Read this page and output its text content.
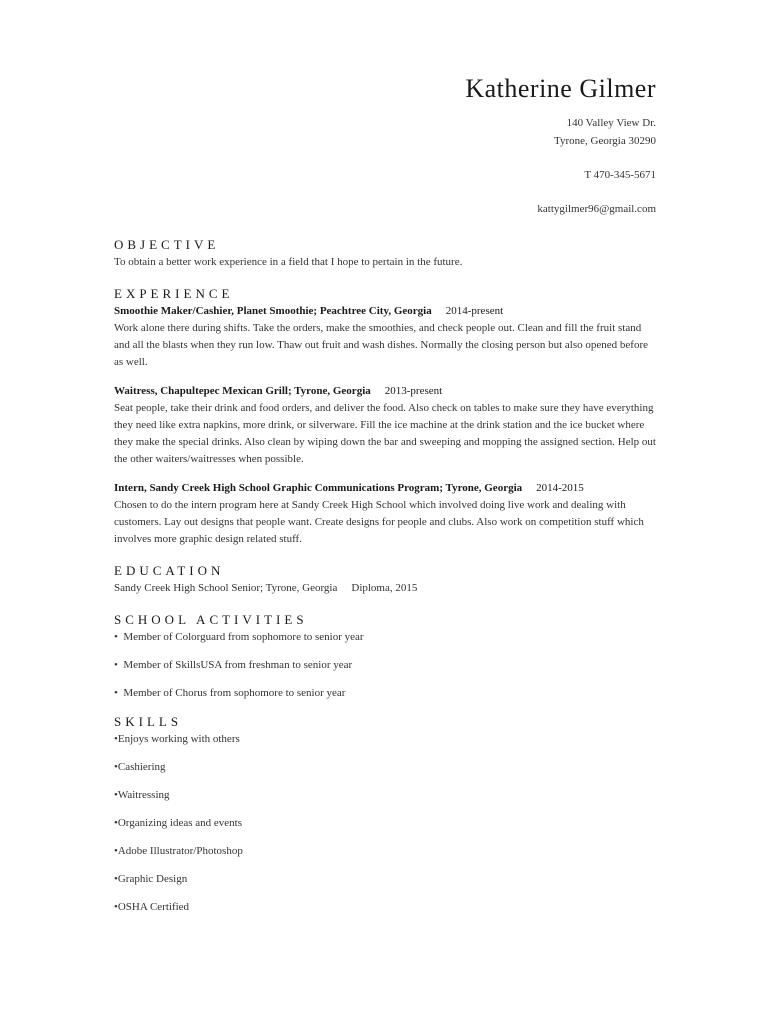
Katherine Gilmer
140 Valley View Dr.
Tyrone, Georgia 30290
T 470-345-5671
kattygilmer96@gmail.com
OBJECTIVE

To obtain a better work experience in a field that I hope to pertain in the future.

EXPERIENCE
Smoothie Maker/Cashier, Planet Smoothie; Peachtree City, Georgia 2014-present

Work alone there during shifts. Take the orders, make the smoothies, and check people out. Clean and fill the fruit stand and all the blasts when they run low. Thaw out fruit and wash dishes. Normally the closing person but also opened before as well.

Waitress, Chapultepec Mexican Grill; Tyrone, Georgia 2013-present

Seat people, take their drink and food orders, and deliver the food. Also check on tables to make sure they have everything they need like extra napkins, more drink, or silverware. Fill the ice machine at the drink station and the ice bucket where they make the special drinks. Also clean by wiping down the bar and sweeping and mopping the assigned section. Help out the other waiters/waitresses when possible.

Intern, Sandy Creek High School Graphic Communications Program; Tyrone, Georgia 2014-2015

Chosen to do the intern program here at Sandy Creek High School which involved doing live work and dealing with customers. Lay out designs that people want. Create designs for people and clubs. Also work on competition stuff which involves more graphic design related stuff.

EDUCATION
Sandy Creek High School Senior; Tyrone, Georgia Diploma, 2015
SCHOOL ACTIVITIES
•  Member of Colorguard from sophomore to senior year
•  Member of SkillsUSA from freshman to senior year
•  Member of Chorus from sophomore to senior year
SKILLS
•Enjoys working with others
•Cashiering
•Waitressing
•Organizing ideas and events
•Adobe Illustrator/Photoshop
•Graphic Design
•OSHA Certified
